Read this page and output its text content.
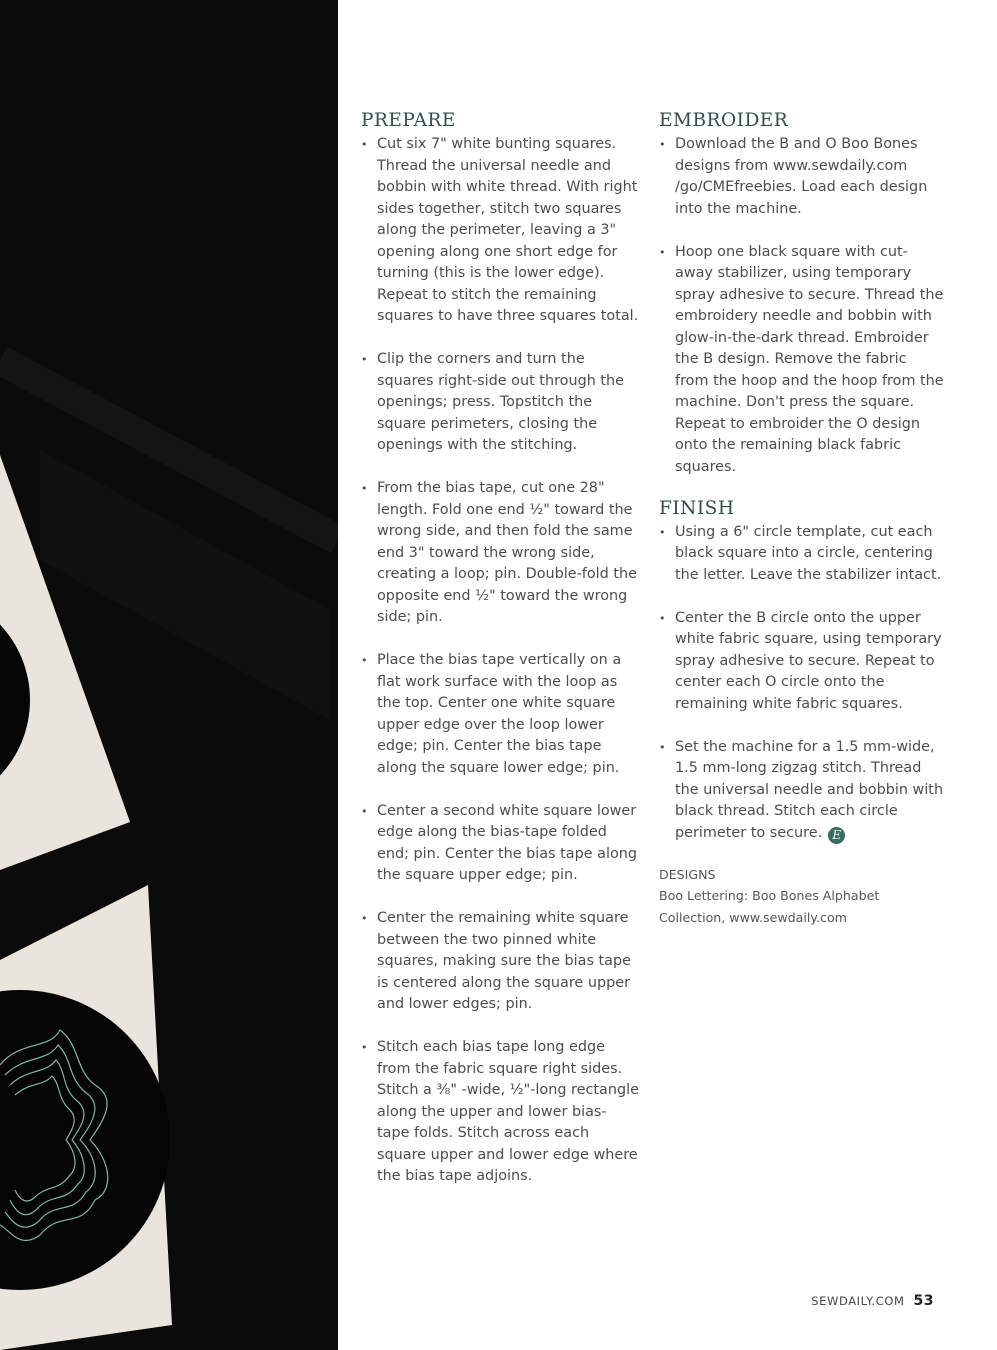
PREPARE
• Cut six 7" white bunting squares. Thread the universal needle and bobbin with white thread. With right sides together, stitch two squares along the perimeter, leaving a 3" opening along one short edge for turning (this is the lower edge). Repeat to stitch the remaining squares to have three squares total.
• Clip the corners and turn the squares right-side out through the openings; press. Topstitch the square perimeters, closing the openings with the stitching.
• From the bias tape, cut one 28" length. Fold one end ½" toward the wrong side, and then fold the same end 3" toward the wrong side, creating a loop; pin. Double-fold the opposite end ½" toward the wrong side; pin.
• Place the bias tape vertically on a flat work surface with the loop as the top. Center one white square upper edge over the loop lower edge; pin. Center the bias tape along the square lower edge; pin.
• Center a second white square lower edge along the bias-tape folded end; pin. Center the bias tape along the square upper edge; pin.
• Center the remaining white square between the two pinned white squares, making sure the bias tape is centered along the square upper and lower edges; pin.
• Stitch each bias tape long edge from the fabric square right sides. Stitch a ⅜" -wide, ½"-long rectangle along the upper and lower bias-tape folds. Stitch across each square upper and lower edge where the bias tape adjoins.
EMBROIDER
• Download the B and O Boo Bones designs from www.sewdaily.com /go/CMEfreebies. Load each design into the machine.
• Hoop one black square with cut-away stabilizer, using temporary spray adhesive to secure. Thread the embroidery needle and bobbin with glow-in-the-dark thread. Embroider the B design. Remove the fabric from the hoop and the hoop from the machine. Don't press the square. Repeat to embroider the O design onto the remaining black fabric squares.
FINISH
• Using a 6" circle template, cut each black square into a circle, centering the letter. Leave the stabilizer intact.
• Center the B circle onto the upper white fabric square, using temporary spray adhesive to secure. Repeat to center each O circle onto the remaining white fabric squares.
• Set the machine for a 1.5 mm-wide, 1.5 mm-long zigzag stitch. Thread the universal needle and bobbin with black thread. Stitch each circle perimeter to secure. E
DESIGNS
Boo Lettering: Boo Bones Alphabet
Collection, www.sewdaily.com
SEWDAILY.COM 53
